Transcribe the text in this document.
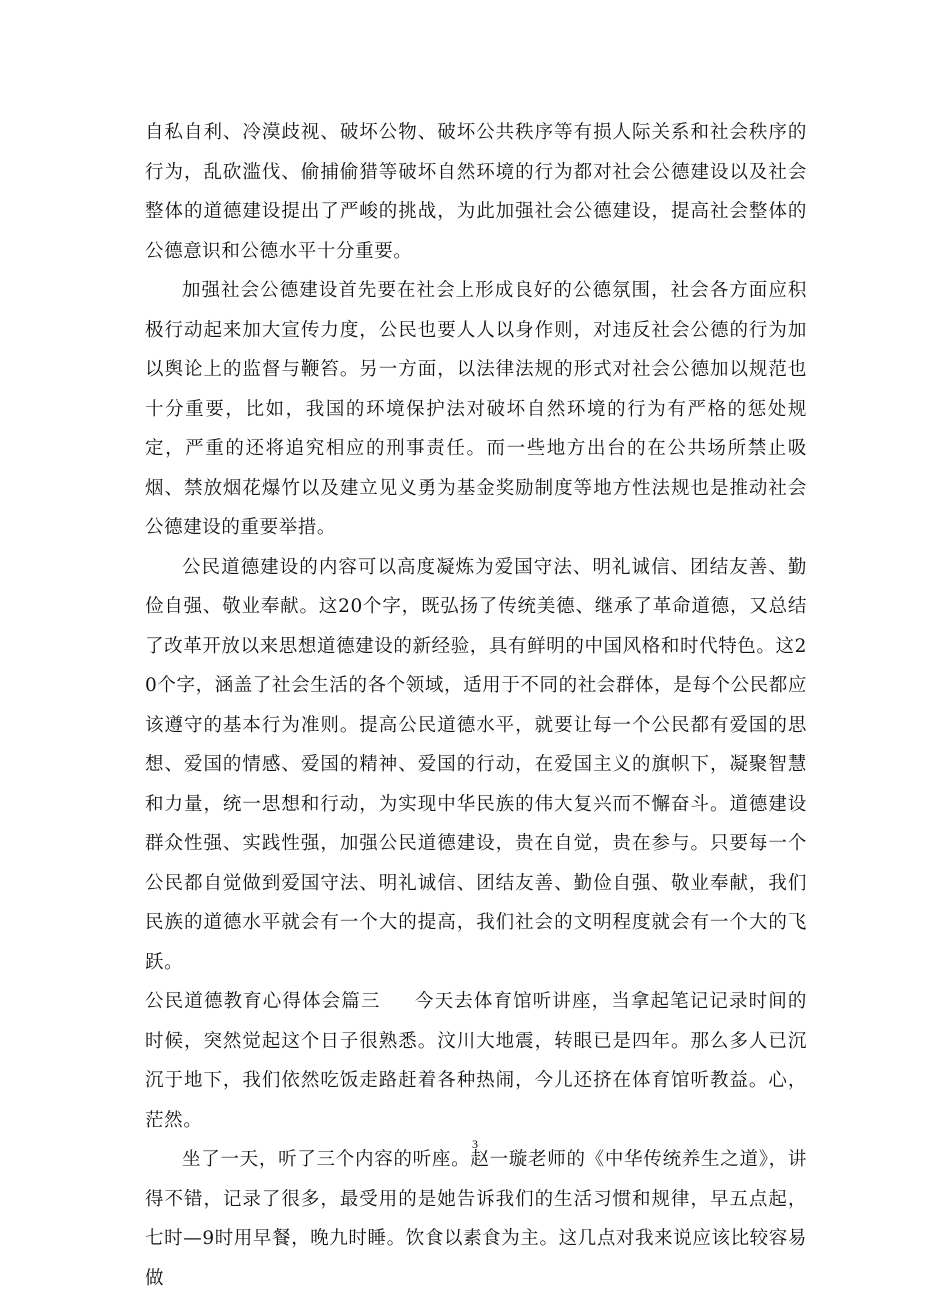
自私自利、冷漠歧视、破坏公物、破坏公共秩序等有损人际关系和社会秩序的行为，乱砍滥伐、偷捕偷猎等破坏自然环境的行为都对社会公德建设以及社会整体的道德建设提出了严峻的挑战，为此加强社会公德建设，提高社会整体的公德意识和公德水平十分重要。

加强社会公德建设首先要在社会上形成良好的公德氛围，社会各方面应积极行动起来加大宣传力度，公民也要人人以身作则，对违反社会公德的行为加以舆论上的监督与鞭笞。另一方面，以法律法规的形式对社会公德加以规范也十分重要，比如，我国的环境保护法对破坏自然环境的行为有严格的惩处规定，严重的还将追究相应的刑事责任。而一些地方出台的在公共场所禁止吸烟、禁放烟花爆竹以及建立见义勇为基金奖励制度等地方性法规也是推动社会公德建设的重要举措。

公民道德建设的内容可以高度凝炼为爱国守法、明礼诚信、团结友善、勤俭自强、敬业奉献。这20个字，既弘扬了传统美德、继承了革命道德，又总结了改革开放以来思想道德建设的新经验，具有鲜明的中国风格和时代特色。这20个字，涵盖了社会生活的各个领域，适用于不同的社会群体，是每个公民都应该遵守的基本行为准则。提高公民道德水平，就要让每一个公民都有爱国的思想、爱国的情感、爱国的精神、爱国的行动，在爱国主义的旗帜下，凝聚智慧和力量，统一思想和行动，为实现中华民族的伟大复兴而不懈奋斗。道德建设群众性强、实践性强，加强公民道德建设，贵在自觉，贵在参与。只要每一个公民都自觉做到爱国守法、明礼诚信、团结友善、勤俭自强、敬业奉献，我们民族的道德水平就会有一个大的提高，我们社会的文明程度就会有一个大的飞跃。

公民道德教育心得体会篇三 今天去体育馆听讲座，当拿起笔记记录时间的时候，突然觉起这个日子很熟悉。汶川大地震，转眼已是四年。那么多人已沉沉于地下，我们依然吃饭走路赶着各种热闹，今儿还挤在体育馆听教益。心，茫然。

坐了一天，听了三个内容的听座。赵一璇老师的《中华传统养生之道》，讲得不错，记录了很多，最受用的是她告诉我们的生活习惯和规律，早五点起，七时—9时用早餐，晚九时睡。饮食以素食为主。这几点对我来说应该比较容易做

3
